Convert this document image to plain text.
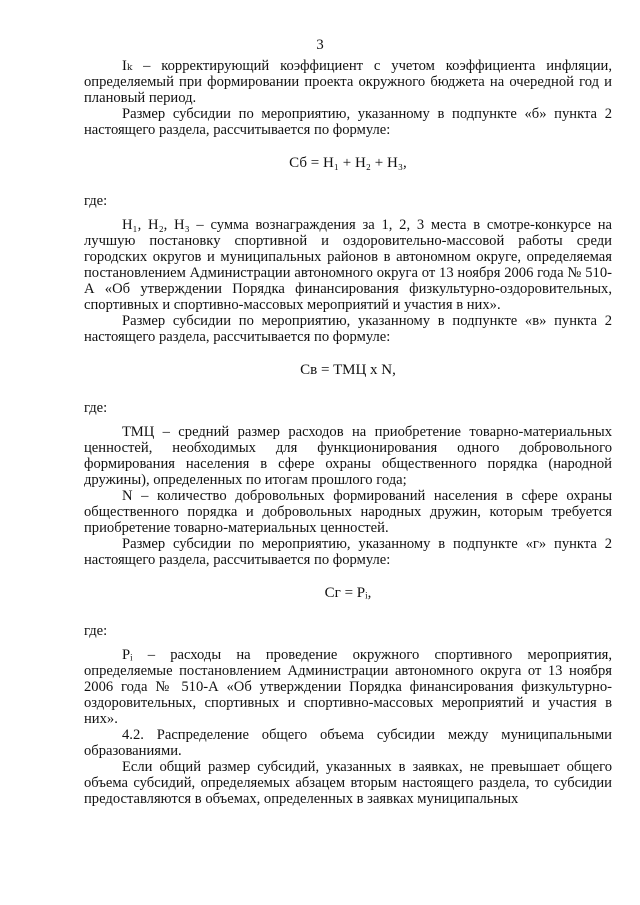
3

Iₖ – корректирующий коэффициент с учетом коэффициента инфляции, определяемый при формировании проекта окружного бюджета на очередной год и плановый период.

Размер субсидии по мероприятию, указанному в подпункте «б» пункта 2 настоящего раздела, рассчитывается по формуле:

Сб = Н₁ + Н₂ + Н₃,

где:

Н₁, Н₂, Н₃ – сумма вознаграждения за 1, 2, 3 места в смотре-конкурсе на лучшую постановку спортивной и оздоровительно-массовой работы среди городских округов и муниципальных районов в автономном округе, определяемая постановлением Администрации автономного округа от 13 ноября 2006 года № 510-А «Об утверждении Порядка финансирования физкультурно-оздоровительных, спортивных и спортивно-массовых мероприятий и участия в них».

Размер субсидии по мероприятию, указанному в подпункте «в» пункта 2 настоящего раздела, рассчитывается по формуле:

Св = ТМЦ х N,

где:

ТМЦ – средний размер расходов на приобретение товарно-материальных ценностей, необходимых для функционирования одного добровольного формирования населения в сфере охраны общественного порядка (народной дружины), определенных по итогам прошлого года;

N – количество добровольных формирований населения в сфере охраны общественного порядка и добровольных народных дружин, которым требуется приобретение товарно-материальных ценностей.

Размер субсидии по мероприятию, указанному в подпункте «г» пункта 2 настоящего раздела, рассчитывается по формуле:

Сг = Рᵢ,

где:

Рᵢ – расходы на проведение окружного спортивного мероприятия, определяемые постановлением Администрации автономного округа от 13 ноября 2006 года № 510-А «Об утверждении Порядка финансирования физкультурно-оздоровительных, спортивных и спортивно-массовых мероприятий и участия в них».

4.2. Распределение общего объема субсидии между муниципальными образованиями.

Если общий размер субсидий, указанных в заявках, не превышает общего объема субсидий, определяемых абзацем вторым настоящего раздела, то субсидии предоставляются в объемах, определенных в заявках муниципальных
